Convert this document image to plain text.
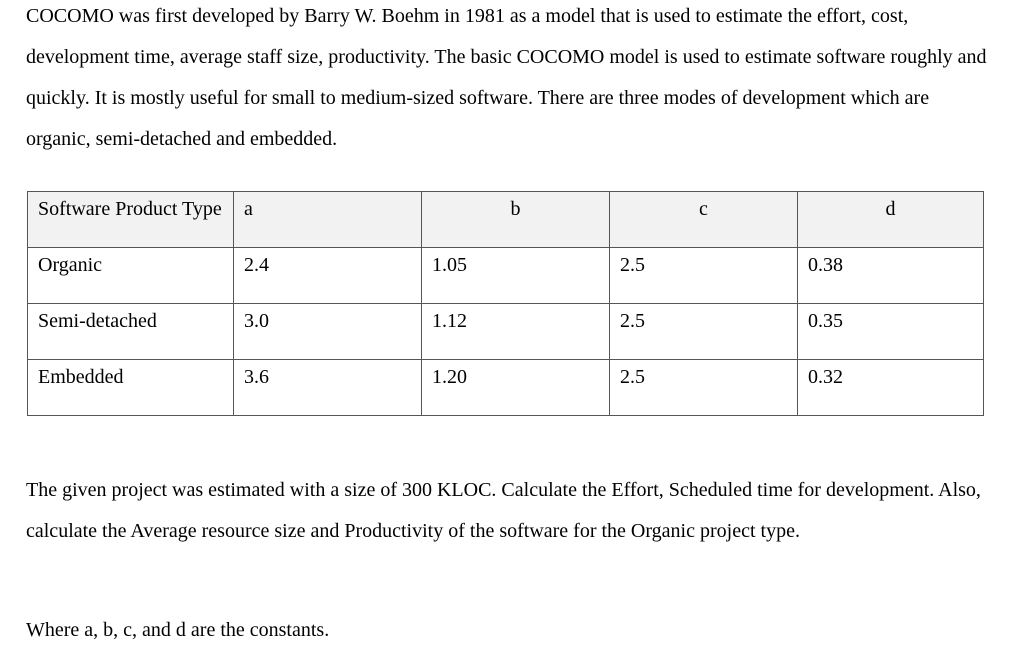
COCOMO was first developed by Barry W. Boehm in 1981 as a model that is used to estimate the effort, cost, development time, average staff size, productivity. The basic COCOMO model is used to estimate software roughly and quickly. It is mostly useful for small to medium-sized software. There are three modes of development which are organic, semi-detached and embedded.

Software Product Type	a	b	c	d
Organic	2.4	1.05	2.5	0.38
Semi-detached	3.0	1.12	2.5	0.35
Embedded	3.6	1.20	2.5	0.32

The given project was estimated with a size of 300 KLOC. Calculate the Effort, Scheduled time for development. Also, calculate the Average resource size and Productivity of the software for the Organic project type.

Where a, b, c, and d are the constants.
